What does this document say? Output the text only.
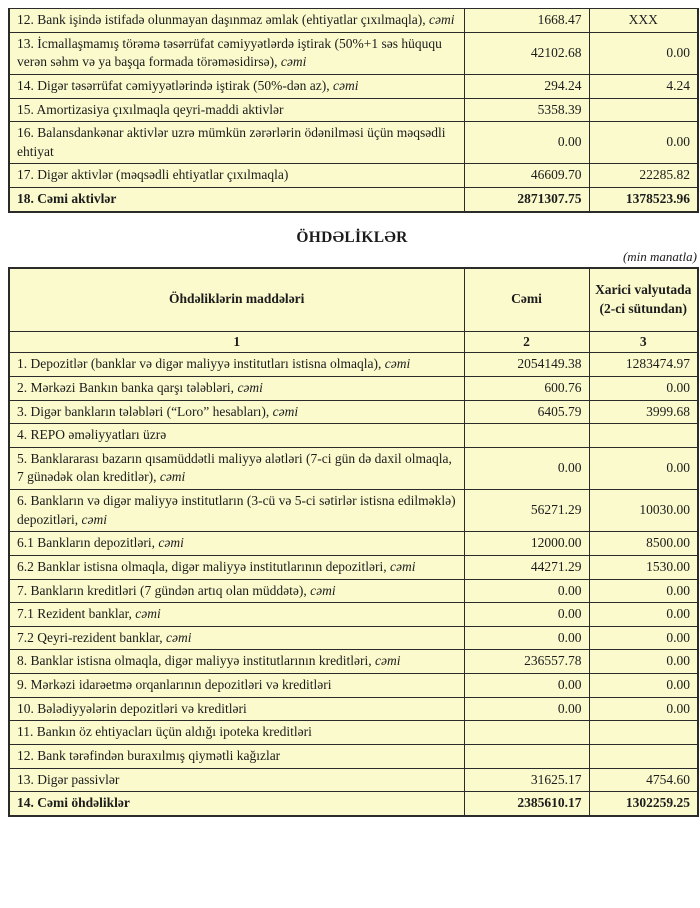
12. Bank işində istifadə olunmayan daşınmaz əmlak (ehtiyatlar çıxılmaqla), cəmi	1668.47	XXX
13. İcmallaşmamış törəmə təsərrüfat cəmiyyətlərdə iştirak (50%+1 səs hüququ verən səhm və ya başqa formada törəməsidirsə), cəmi	42102.68	0.00
14. Digər təsərrüfat cəmiyyətlərində iştirak (50%-dən az), cəmi	294.24	4.24
15. Amortizasiya çıxılmaqla qeyri-maddi aktivlər	5358.39	
16. Balansdankənar aktivlər uzrə mümkün zərərlərin ödənilməsi üçün məqsədli ehtiyat	0.00	0.00
17. Digər aktivlər (məqsədli ehtiyatlar çıxılmaqla)	46609.70	22285.82
18. Cəmi aktivlər	2871307.75	1378523.96
ÖHDƏLİKLƏR
(min manatla)
Öhdəliklərin maddələri	Cəmi	Xarici valyutada (2-ci sütundan)
1	2	3
1. Depozitlər (banklar və digər maliyyə institutları istisna olmaqla), cəmi	2054149.38	1283474.97
2. Mərkəzi Bankın banka qarşı tələbləri, cəmi	600.76	0.00
3. Digər bankların tələbləri (“Loro” hesabları), cəmi	6405.79	3999.68
4. REPO əməliyyatları üzrə		
5. Banklararası bazarın qısamüddətli maliyyə alətləri (7-ci gün də daxil olmaqla, 7 günədək olan kreditlər), cəmi	0.00	0.00
6. Bankların və digər maliyyə institutların (3-cü və 5-ci sətirlər istisna edilməklə) depozitləri, cəmi	56271.29	10030.00
6.1 Bankların depozitləri, cəmi	12000.00	8500.00
6.2 Banklar istisna olmaqla, digər maliyyə institutlarının depozitləri, cəmi	44271.29	1530.00
7. Bankların kreditləri (7 gündən artıq olan müddətə), cəmi	0.00	0.00
7.1 Rezident banklar, cəmi	0.00	0.00
7.2 Qeyri-rezident banklar, cəmi	0.00	0.00
8. Banklar istisna olmaqla, digər maliyyə institutlarının kreditləri, cəmi	236557.78	0.00
9. Mərkəzi idarəetmə orqanlarının depozitləri və kreditləri	0.00	0.00
10. Bələdiyyələrin depozitləri və kreditləri	0.00	0.00
11. Bankın öz ehtiyacları üçün aldığı ipoteka kreditləri		
12. Bank tərəfindən buraxılmış qiymətli kağızlar		
13. Digər passivlər	31625.17	4754.60
14. Cəmi öhdəliklər	2385610.17	1302259.25
